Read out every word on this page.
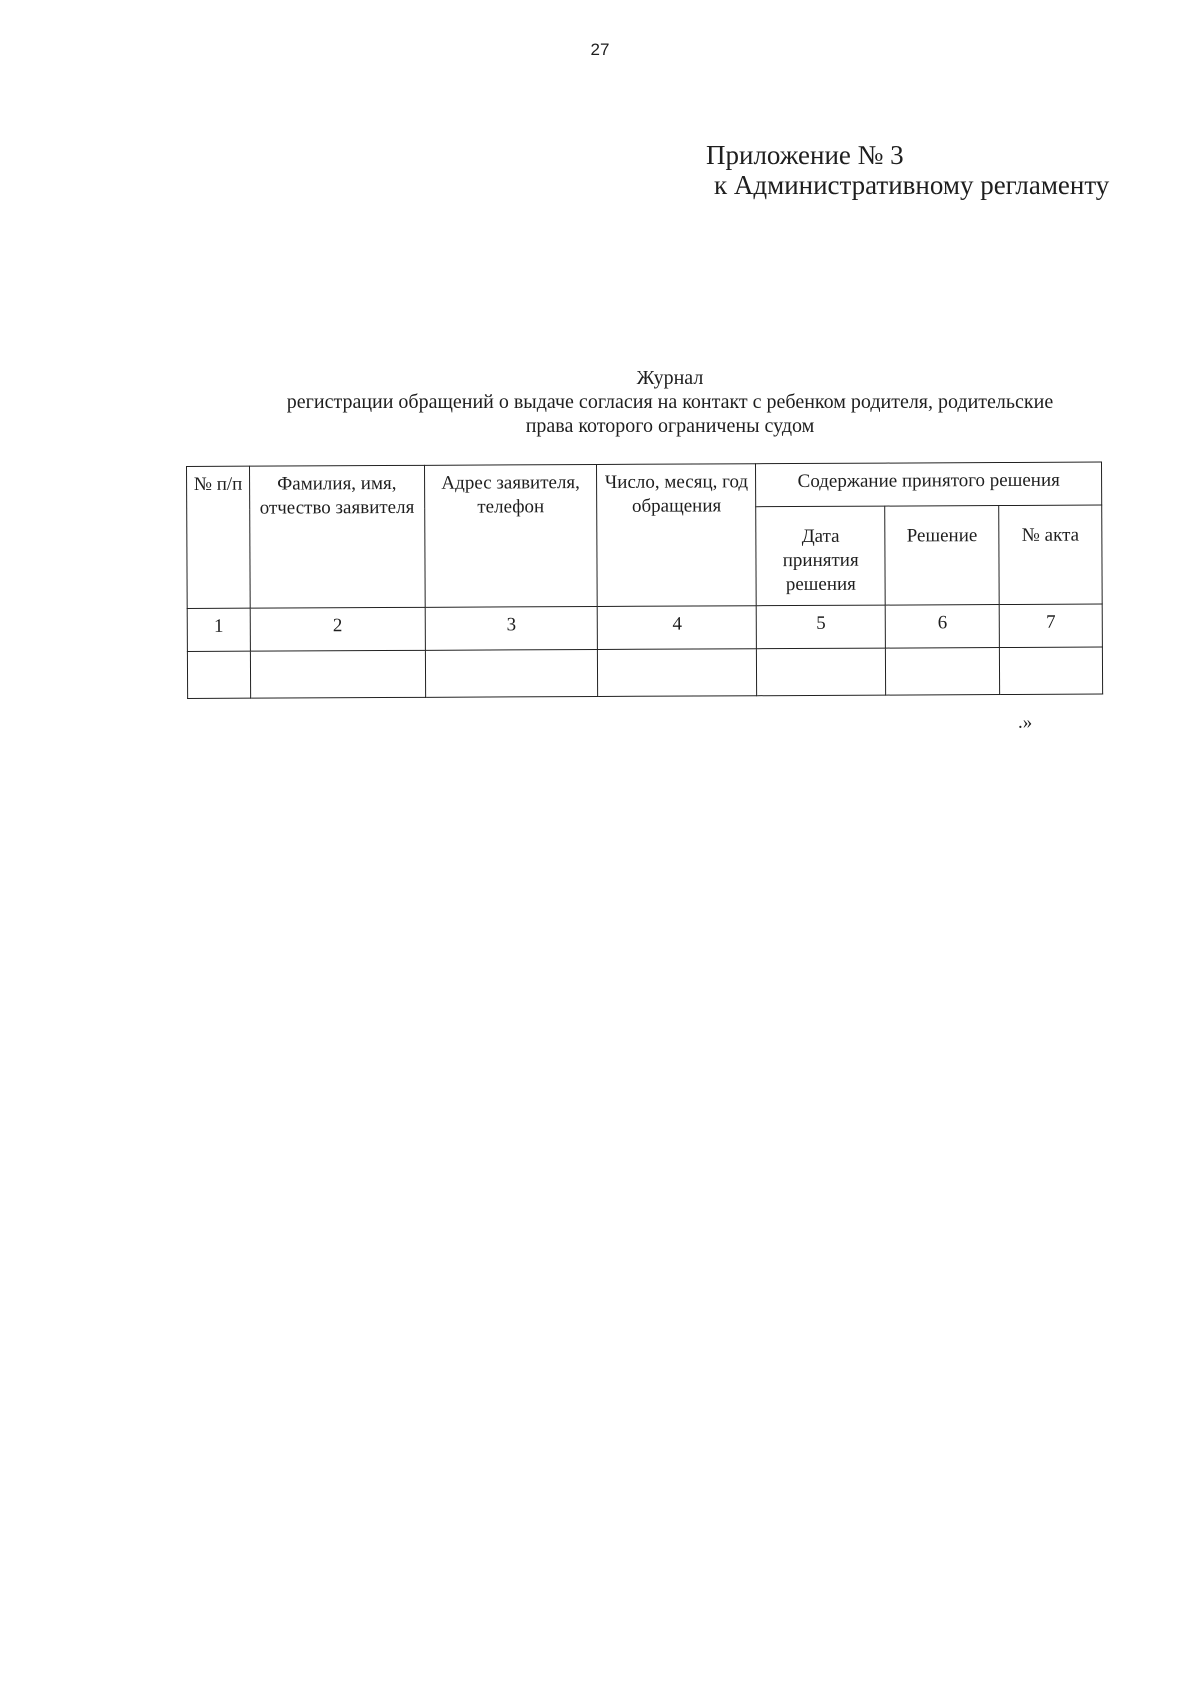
27
Приложение № 3

к Административному регламенту
Журнал
регистрации обращений о выдаче согласия на контакт с ребенком родителя, родительские
права которого ограничены судом
№ п/п	Фамилия, имя, отчество заявителя	Адрес заявителя, телефон	Число, месяц, год обращения	Содержание принятого решения		
				Дата принятия решения	Решение	№ акта
1	2	3	4	5	6	7

.»
